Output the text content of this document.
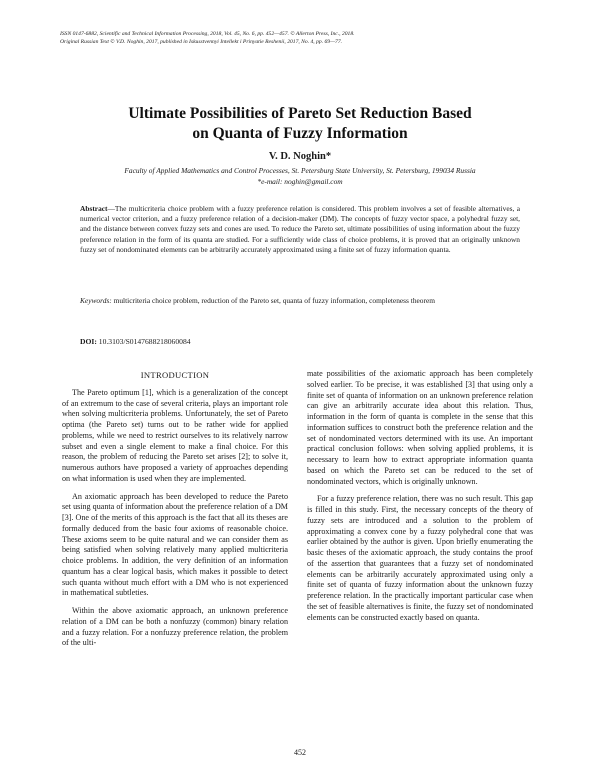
ISSN 0147-6882, Scientific and Technical Information Processing, 2018, Vol. 45, No. 6, pp. 452—457. © Allerton Press, Inc., 2018.
Original Russian Text © V.D. Noghin, 2017, published in Iskusstvennyi Intellekt i Prinyatie Reshenii, 2017, No. 4, pp. 69—77.
Ultimate Possibilities of Pareto Set Reduction Based
on Quanta of Fuzzy Information
V. D. Noghin*
Faculty of Applied Mathematics and Control Processes, St. Petersburg State University, St. Petersburg, 199034 Russia
*e-mail: noghin@gmail.com
Abstract—The multicriteria choice problem with a fuzzy preference relation is considered. This problem involves a set of feasible alternatives, a numerical vector criterion, and a fuzzy preference relation of a decision-maker (DM). The concepts of fuzzy vector space, a polyhedral fuzzy set, and the distance between convex fuzzy sets and cones are used. To reduce the Pareto set, ultimate possibilities of using information about the fuzzy preference relation in the form of its quanta are studied. For a sufficiently wide class of choice problems, it is proved that an originally unknown fuzzy set of nondominated elements can be arbitrarily accurately approximated using a finite set of fuzzy information quanta.
Keywords: multicriteria choice problem, reduction of the Pareto set, quanta of fuzzy information, completeness theorem
DOI: 10.3103/S0147688218060084

INTRODUCTION

The Pareto optimum [1], which is a generalization of the concept of an extremum to the case of several criteria, plays an important role when solving multicriteria problems. Unfortunately, the set of Pareto optima (the Pareto set) turns out to be rather wide for applied problems, while we need to restrict ourselves to its relatively narrow subset and even a single element to make a final choice. For this reason, the problem of reducing the Pareto set arises [2]; to solve it, numerous authors have proposed a variety of approaches depending on what information is used when they are implemented.

An axiomatic approach has been developed to reduce the Pareto set using quanta of information about the preference relation of a DM [3]. One of the merits of this approach is the fact that all its theses are formally deduced from the basic four axioms of reasonable choice. These axioms seem to be quite natural and we can consider them as being satisfied when solving relatively many applied multicriteria choice problems. In addition, the very definition of an information quantum has a clear logical basis, which makes it possible to detect such quanta without much effort with a DM who is not experienced in mathematical subtleties.

Within the above axiomatic approach, an unknown preference relation of a DM can be both a nonfuzzy (common) binary relation and a fuzzy relation. For a nonfuzzy preference relation, the problem of the ulti-

mate possibilities of the axiomatic approach has been completely solved earlier. To be precise, it was established [3] that using only a finite set of quanta of information on an unknown preference relation can give an arbitrarily accurate idea about this relation. Thus, information in the form of quanta is complete in the sense that this information suffices to construct both the preference relation and the set of nondominated vectors determined with its use. An important practical conclusion follows: when solving applied problems, it is necessary to learn how to extract appropriate information quanta based on which the Pareto set can be reduced to the set of nondominated vectors, which is originally unknown.

For a fuzzy preference relation, there was no such result. This gap is filled in this study. First, the necessary concepts of the theory of fuzzy sets are introduced and a solution to the problem of approximating a convex cone by a fuzzy polyhedral cone that was earlier obtained by the author is given. Upon briefly enumerating the basic theses of the axiomatic approach, the study contains the proof of the assertion that guarantees that a fuzzy set of nondominated elements can be arbitrarily accurately approximated using only a finite set of quanta of fuzzy information about the unknown fuzzy preference relation. In the practically important particular case when the set of feasible alternatives is finite, the fuzzy set of nondominated elements can be constructed exactly based on quanta.

452
